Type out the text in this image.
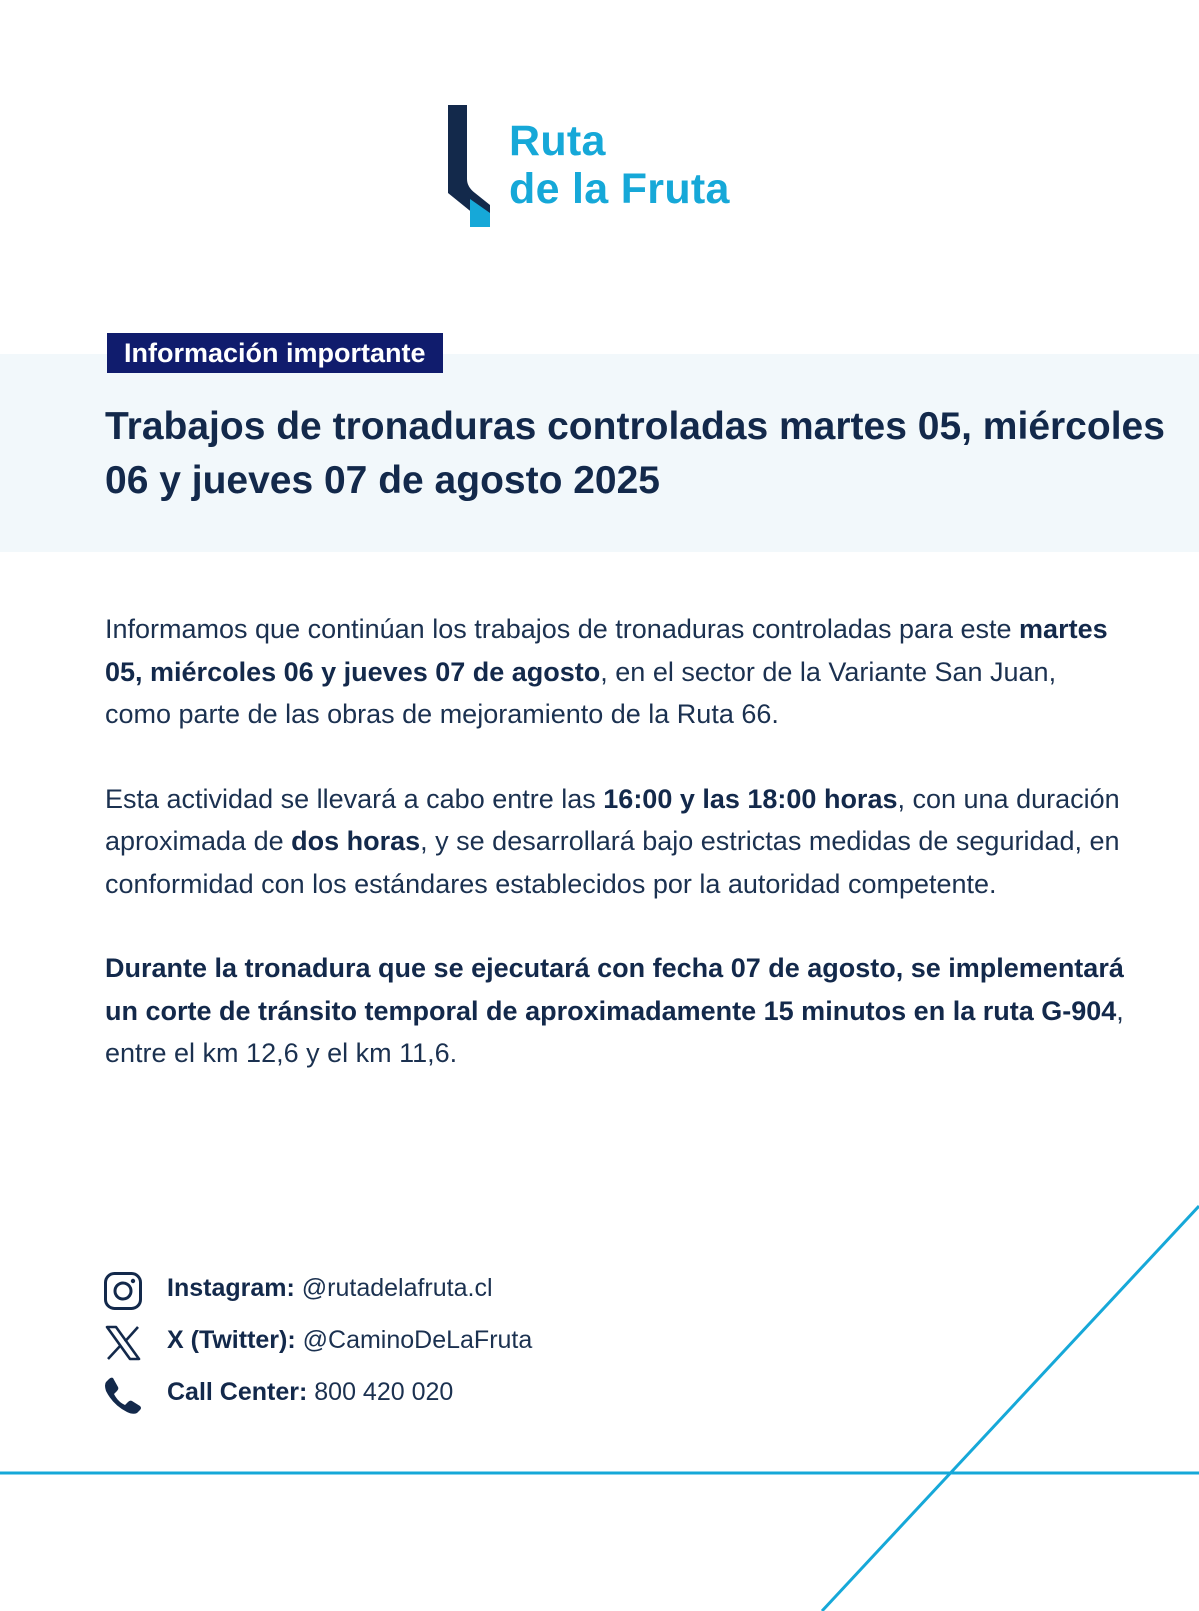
Ruta
de la Fruta
Información importante
Trabajos de tronaduras controladas martes 05, miércoles 06 y jueves 07 de agosto 2025

Informamos que continúan los trabajos de tronaduras controladas para este martes 05, miércoles 06 y jueves 07 de agosto, en el sector de la Variante San Juan, como parte de las obras de mejoramiento de la Ruta 66.

Esta actividad se llevará a cabo entre las 16:00 y las 18:00 horas, con una duración aproximada de dos horas, y se desarrollará bajo estrictas medidas de seguridad, en conformidad con los estándares establecidos por la autoridad competente.

Durante la tronadura que se ejecutará con fecha 07 de agosto, se implementará un corte de tránsito temporal de aproximadamente 15 minutos en la ruta G-904, entre el km 12,6 y el km 11,6.

Instagram: @rutadelafruta.cl
X (Twitter): @CaminoDeLaFruta
Call Center: 800 420 020
